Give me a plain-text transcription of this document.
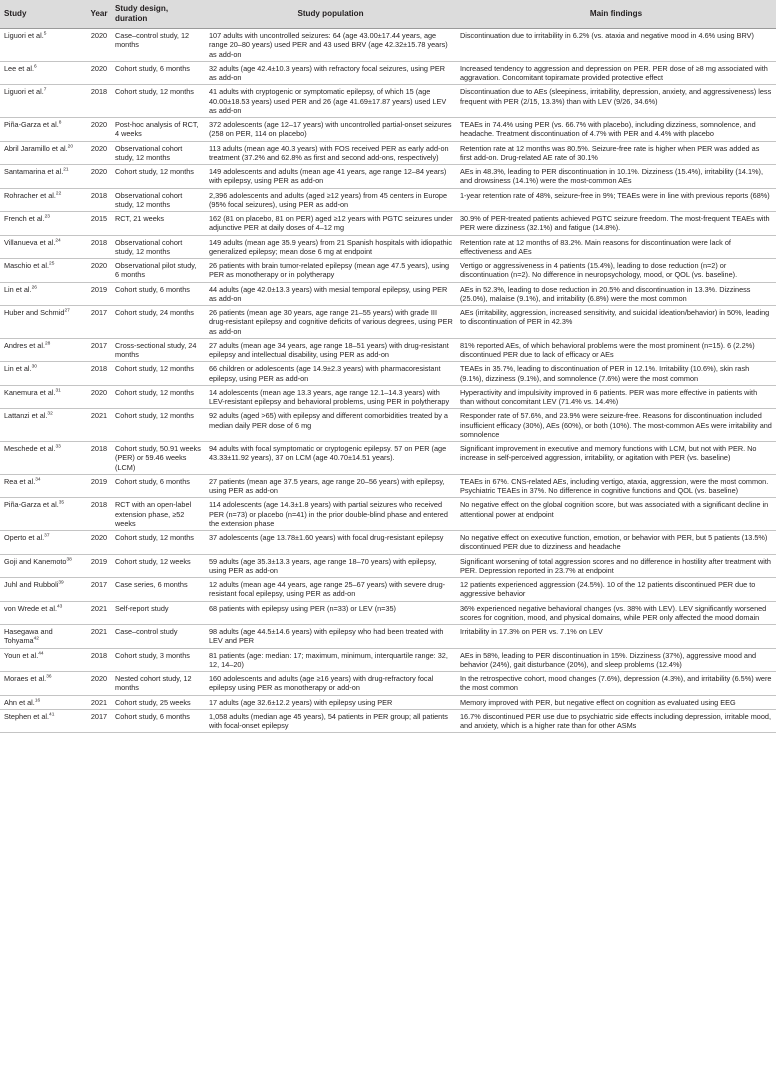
Study	Year	Study design, duration	Study population	Main findings
Liguori et al.$^5$	2020	Case–control study, 12 months	107 adults with uncontrolled seizures: 64 (age 43.00±17.44 years, age range 20–80 years) used PER and 43 used BRV (age 42.32±15.78 years) as add-on	Discontinuation due to irritability in 6.2% (vs. ataxia and negative mood in 4.6% using BRV)
Lee et al.$^6$	2020	Cohort study, 6 months	32 adults (age 42.4±10.3 years) with refractory focal seizures, using PER as add-on	Increased tendency to aggression and depression on PER. PER dose of ≥8 mg associated with aggravation. Concomitant topiramate provided protective effect
Liguori et al.$^7$	2018	Cohort study, 12 months	41 adults with cryptogenic or symptomatic epilepsy, of which 15 (age 40.00±18.53 years) used PER and 26 (age 41.69±17.87 years) used LEV as add-on	Discontinuation due to AEs (sleepiness, irritability, depression, anxiety, and aggressiveness) less frequent with PER (2/15, 13.3%) than with LEV (9/26, 34.6%)
Piña-Garza et al.$^8$	2020	Post-hoc analysis of RCT, 4 weeks	372 adolescents (age 12–17 years) with uncontrolled partial-onset seizures (258 on PER, 114 on placebo)	TEAEs in 74.4% using PER (vs. 66.7% with placebo), including dizziness, somnolence, and headache. Treatment discontinuation of 4.7% with PER and 4.4% with placebo
Abril Jaramillo et al.$^{20}$	2020	Observational cohort study, 12 months	113 adults (mean age 40.3 years) with FOS received PER as early add-on treatment (37.2% and 62.8% as first and second add-ons, respectively)	Retention rate at 12 months was 80.5%. Seizure-free rate is higher when PER was added as first add-on. Drug-related AE rate of 30.1%
Santamarina et al.$^{21}$	2020	Cohort study, 12 months	149 adolescents and adults (mean age 41 years, age range 12–84 years) with epilepsy, using PER as add-on	AEs in 48.3%, leading to PER discontinuation in 10.1%. Dizziness (15.4%), irritability (14.1%), and drowsiness (14.1%) were the most-common AEs
Rohracher et al.$^{22}$	2018	Observational cohort study, 12 months	2,396 adolescents and adults (aged ≥12 years) from 45 centers in Europe (95% focal seizures), using PER as add-on	1-year retention rate of 48%, seizure-free in 9%; TEAEs were in line with previous reports (68%)
French et al.$^{23}$	2015	RCT, 21 weeks	162 (81 on placebo, 81 on PER) aged ≥12 years with PGTC seizures under adjunctive PER at daily doses of 4–12 mg	30.9% of PER-treated patients achieved PGTC seizure freedom. The most-frequent TEAEs with PER were dizziness (32.1%) and fatigue (14.8%).
Villanueva et al.$^{24}$	2018	Observational cohort study, 12 months	149 adults (mean age 35.9 years) from 21 Spanish hospitals with idiopathic generalized epilepsy; mean dose 6 mg at endpoint	Retention rate at 12 months of 83.2%. Main reasons for discontinuation were lack of effectiveness and AEs
Maschio et al.$^{25}$	2020	Observational pilot study, 6 months	26 patients with brain tumor-related epilepsy (mean age 47.5 years), using PER as monotherapy or in polytherapy	Vertigo or aggressiveness in 4 patients (15.4%), leading to dose reduction (n=2) or discontinuation (n=2). No difference in neuropsychology, mood, or QOL (vs. baseline).
Lin et al.$^{26}$	2019	Cohort study, 6 months	44 adults (age 42.0±13.3 years) with mesial temporal epilepsy, using PER as add-on	AEs in 52.3%, leading to dose reduction in 20.5% and discontinuation in 13.3%. Dizziness (25.0%), malaise (9.1%), and irritability (6.8%) were the most common
Huber and Schmid$^{27}$	2017	Cohort study, 24 months	26 patients (mean age 30 years, age range 21–55 years) with grade III drug-resistant epilepsy and cognitive deficits of various degrees, using PER as add-on	AEs (irritability, aggression, increased sensitivity, and suicidal ideation/behavior) in 50%, leading to discontinuation of PER in 42.3%
Andres et al.$^{28}$	2017	Cross-sectional study, 24 months	27 adults (mean age 34 years, age range 18–51 years) with drug-resistant epilepsy and intellectual disability, using PER as add-on	81% reported AEs, of which behavioral problems were the most prominent (n=15). 6 (2.2%) discontinued PER due to lack of efficacy or AEs
Lin et al.$^{30}$	2018	Cohort study, 12 months	66 children or adolescents (age 14.9±2.3 years) with pharmacoresistant epilepsy, using PER as add-on	TEAEs in 35.7%, leading to discontinuation of PER in 12.1%. Irritability (10.6%), skin rash (9.1%), dizziness (9.1%), and somnolence (7.6%) were the most common
Kanemura et al.$^{31}$	2020	Cohort study, 12 months	14 adolescents (mean age 13.3 years, age range 12.1–14.3 years) with LEV-resistant epilepsy and behavioral problems, using PER in polytherapy	Hyperactivity and impulsivity improved in 6 patients. PER was more effective in patients with than without concomitant LEV (71.4% vs. 14.4%)
Lattanzi et al.$^{32}$	2021	Cohort study, 12 months	92 adults (aged >65) with epilepsy and different comorbidities treated by a median daily PER dose of 6 mg	Responder rate of 57.6%, and 23.9% were seizure-free. Reasons for discontinuation included insufficient efficacy (30%), AEs (60%), or both (10%). The most-common AEs were irritability and somnolence
Meschede et al.$^{33}$	2018	Cohort study, 50.91 weeks (PER) or 59.46 weeks (LCM)	94 adults with focal symptomatic or cryptogenic epilepsy. 57 on PER (age 43.33±11.92 years), 37 on LCM (age 40.70±14.51 years).	Significant improvement in executive and memory functions with LCM, but not with PER. No increase in self-perceived aggression, irritability, or agitation with PER (vs. baseline)
Rea et al.$^{34}$	2019	Cohort study, 6 months	27 patients (mean age 37.5 years, age range 20–56 years) with epilepsy, using PER as add-on	TEAEs in 67%. CNS-related AEs, including vertigo, ataxia, aggression, were the most common. Psychiatric TEAEs in 37%. No difference in cognitive functions and QOL (vs. baseline)
Piña-Garza et al.$^{35}$	2018	RCT with an open-label extension phase, ≥52 weeks	114 adolescents (age 14.3±1.8 years) with partial seizures who received PER (n=73) or placebo (n=41) in the prior double-blind phase and entered the extension phase	No negative effect on the global cognition score, but was associated with a significant decline in attentional power at endpoint
Operto et al.$^{37}$	2020	Cohort study, 12 months	37 adolescents (age 13.78±1.60 years) with focal drug-resistant epilepsy	No negative effect on executive function, emotion, or behavior with PER, but 5 patients (13.5%) discontinued PER due to dizziness and headache
Goji and Kanemoto$^{38}$	2019	Cohort study, 12 weeks	59 adults (age 35.3±13.3 years, age range 18–70 years) with epilepsy, using PER as add-on	Significant worsening of total aggression scores and no difference in hostility after treatment with PER. Depression reported in 23.7% at endpoint
Juhl and Rubboli$^{39}$	2017	Case series, 6 months	12 adults (mean age 44 years, age range 25–67 years) with severe drug-resistant focal epilepsy, using PER as add-on	12 patients experienced aggression (24.5%). 10 of the 12 patients discontinued PER due to aggressive behavior
von Wrede et al.$^{43}$	2021	Self-report study	68 patients with epilepsy using PER (n=33) or LEV (n=35)	36% experienced negative behavioral changes (vs. 38% with LEV). LEV significantly worsened scores for cognition, mood, and physical domains, while PER only affected the mood domain
Hasegawa and Tohyama$^{42}$	2021	Case–control study	98 adults (age 44.5±14.6 years) with epilepsy who had been treated with LEV and PER	Irritability in 17.3% on PER vs. 7.1% on LEV
Youn et al.$^{44}$	2018	Cohort study, 3 months	81 patients (age: median: 17; maximum, minimum, interquartile range: 32, 12, 14–20)	AEs in 58%, leading to PER discontinuation in 15%. Dizziness (37%), aggressive mood and behavior (24%), gait disturbance (20%), and sleep problems (12.4%)
Moraes et al.$^{36}$	2020	Nested cohort study, 12 months	160 adolescents and adults (age ≥16 years) with drug-refractory focal epilepsy using PER as monotherapy or add-on	In the retrospective cohort, mood changes (7.6%), depression (4.3%), and irritability (6.5%) were the most common
Ahn et al.$^{16}$	2021	Cohort study, 25 weeks	17 adults (age 32.6±12.2 years) with epilepsy using PER	Memory improved with PER, but negative effect on cognition as evaluated using EEG
Stephen et al.$^{41}$	2017	Cohort study, 6 months	1,058 adults (median age 45 years), 54 patients in PER group; all patients with focal-onset epilepsy	16.7% discontinued PER use due to psychiatric side effects including depression, irritable mood, and anxiety, which is a higher rate than for other ASMs
